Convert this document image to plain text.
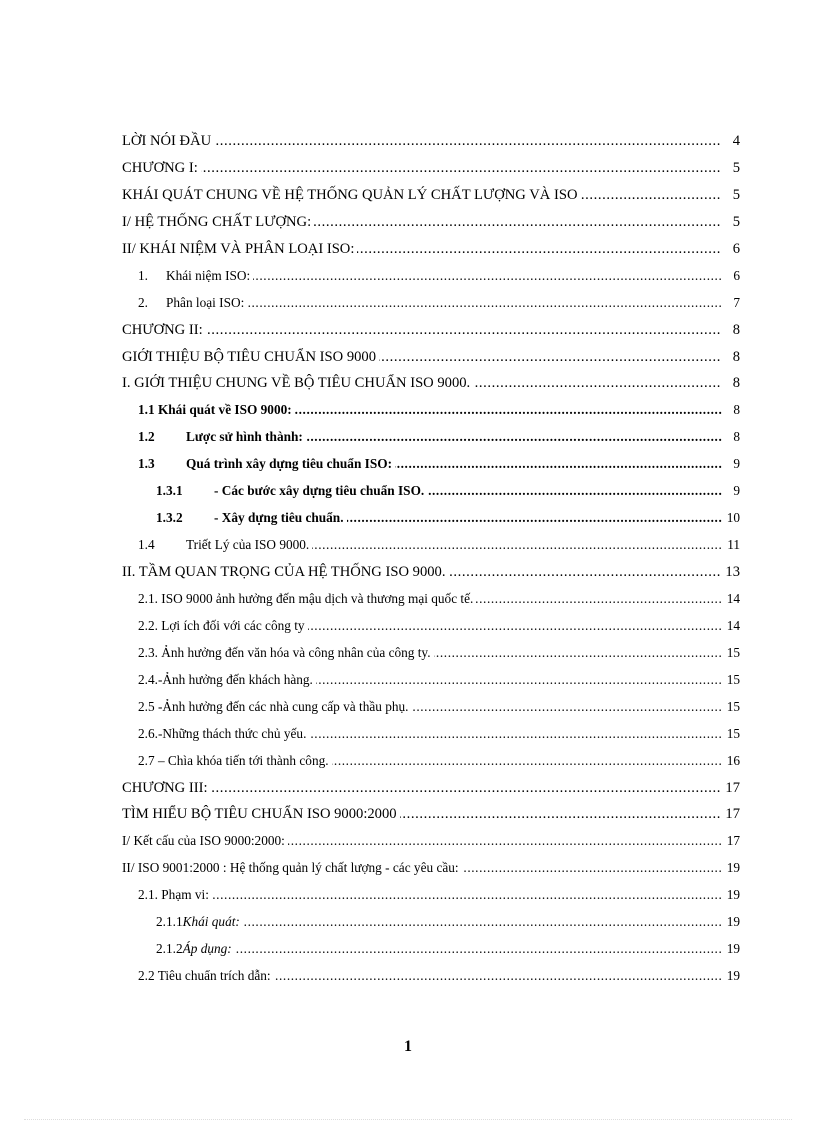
.....
LỜI NÓI ĐẦU	4
.....
CHƯƠNG I:	5
.....
KHÁI QUÁT CHUNG VỀ HỆ THỐNG QUẢN LÝ CHẤT LƯỢNG VÀ ISO	5
.....
I/ HỆ THỐNG CHẤT LƯỢNG:	5
.....
II/ KHÁI NIỆM VÀ PHÂN LOẠI ISO:	6
.....
1. Khái niệm ISO:	6
.....
2. Phân loại ISO:	7
.....
CHƯƠNG II:	8
.....
GIỚI THIỆU BỘ TIÊU CHUẨN ISO 9000	8
.....
I. GIỚI THIỆU CHUNG VỀ BỘ TIÊU CHUẨN ISO 9000.	8
.....
1.1 Khái quát về ISO 9000:	8
.....
1.2 Lược sử hình thành:	8
.....
1.3 Quá trình xây dựng tiêu chuẩn ISO:	9
.....
1.3.1 - Các bước xây dựng tiêu chuẩn ISO.	9
.....
1.3.2 - Xây dựng tiêu chuẩn.	10
.....
1.4 Triết Lý của ISO 9000.	11
.....
II. TẦM QUAN TRỌNG CỦA HỆ THỐNG ISO 9000.	13
.....
2.1. ISO 9000 ảnh hưởng đến mậu dịch và thương mại quốc tế.	14
.....
2.2. Lợi ích đối với các công ty	14
.....
2.3. Ảnh hưởng đến văn hóa và công nhân của công ty.	15
.....
2.4.-Ảnh hưởng đến khách hàng.	15
.....
2.5 -Ảnh hưởng đến các nhà cung cấp và thầu phụ.	15
.....
2.6.-Những thách thức chủ yếu.	15
.....
2.7 – Chìa khóa tiến tới thành công.	16
.....
CHƯƠNG III:	17
.....
TÌM HIỂU BỘ TIÊU CHUẨN ISO 9000:2000	17
.....
I/ Kết cấu của ISO 9000:2000:	17
.....
II/ ISO 9001:2000 : Hệ thống quản lý chất lượng - các yêu cầu:	19
.....
2.1. Phạm vi:	19
.....
2.1.1Khái quát:	19
.....
2.1.2Áp dụng:	19
.....
2.2 Tiêu chuẩn trích dẫn:	19
1
